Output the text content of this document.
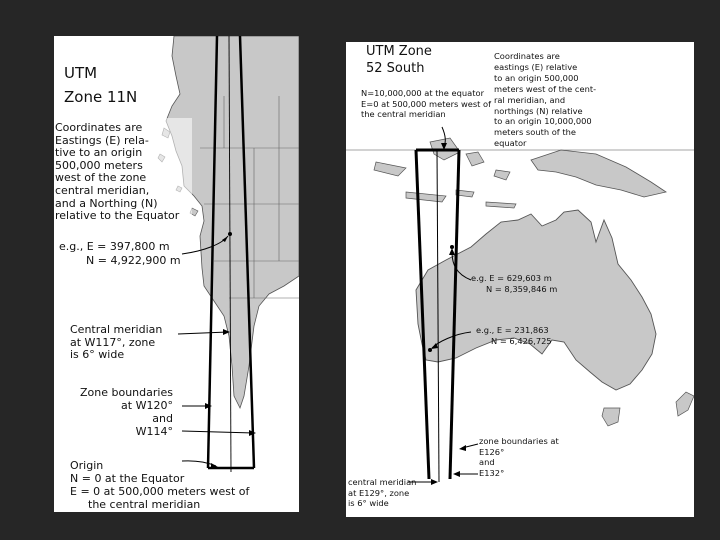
UTM
Zone 11N
Coordinates are
Eastings (E) rela-
tive to an origin
500,000 meters
west of the zone
central meridian,
and a Northing (N)
relative to the Equator
e.g., E = 397,800 m
N = 4,922,900 m
Central meridian
at W117°, zone
is 6° wide
Zone boundaries
at W120°
and
W114°
Origin
N = 0 at the Equator
E = 0 at 500,000 meters west of
the central meridian
UTM Zone
52 South
Coordinates are
eastings (E) relative
to an origin 500,000
meters west of the cent-
ral meridian, and
northings (N) relative
to an origin 10,000,000
meters south of the
equator
N=10,000,000 at the equator
E=0 at 500,000 meters west of
the central meridian
e.g. E = 629,603 m
N = 8,359,846 m
e.g., E = 231,863
N = 6,426,725
zone boundaries at
E126°
and
E132°
central meridian
at E129°, zone
is 6° wide
